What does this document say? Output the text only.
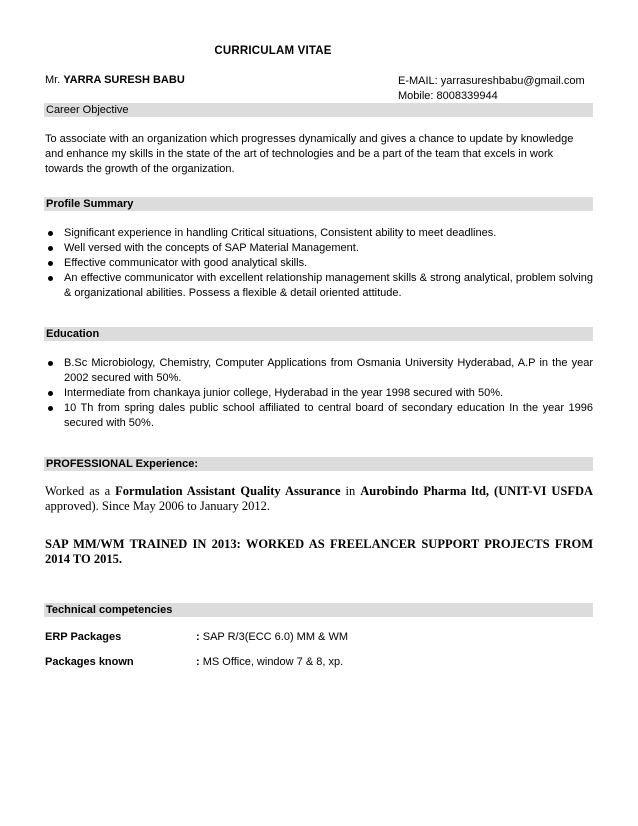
CURRICULAM VITAE
Mr. YARRA SURESH BABU	E-MAIL: yarrasureshbabu@gmail.com
Mobile: 8008339944
Career Objective
To associate with an organization which progresses dynamically and gives a chance to update by knowledge and enhance my skills in the state of the art of technologies and be a part of the team that excels in work towards the growth of the organization.
Profile Summary
Significant experience in handling Critical situations, Consistent ability to meet deadlines.
Well versed with the concepts of SAP Material Management.
Effective communicator with good analytical skills.
An effective communicator with excellent relationship management skills & strong analytical, problem solving & organizational abilities. Possess a flexible & detail oriented attitude.
Education
B.Sc Microbiology, Chemistry, Computer Applications from Osmania University Hyderabad, A.P in the year 2002 secured with 50%.
Intermediate from chankaya junior college, Hyderabad in the year 1998 secured with 50%.
10 Th from spring dales public school affiliated to central board of secondary education In the year 1996 secured with 50%.
PROFESSIONAL Experience:
Worked as a Formulation Assistant Quality Assurance in Aurobindo Pharma ltd, (UNIT-VI USFDA approved). Since May 2006 to January 2012.
SAP MM/WM TRAINED IN 2013: WORKED AS FREELANCER SUPPORT PROJECTS FROM 2014 TO 2015.
Technical competencies
ERP Packages	: SAP R/3(ECC 6.0) MM & WM
Packages known	: MS Office, window 7 & 8, xp.
